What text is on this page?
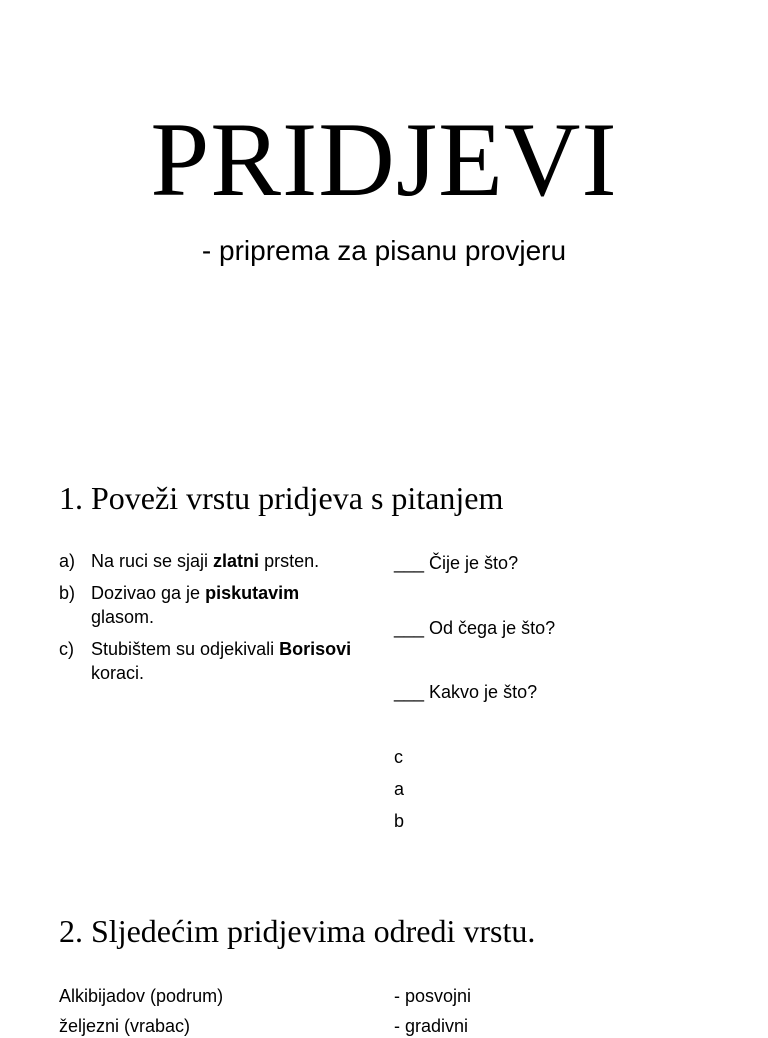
PRIDJEVI
- priprema za pisanu provjeru
1. Poveži vrstu pridjeva s pitanjem
a) Na ruci se sjaji zlatni prsten.
b) Dozivao ga je piskutavim glasom.
c) Stubištem su odjekivali Borisovi koraci.
___ Čije je što?
___ Od čega je što?
___ Kakvo je što?
c
a
b
2. Sljedećim pridjevima odredi vrstu.
Alkibijadov (podrum)	- posvojni
željezni (vrabac)	- gradivni
